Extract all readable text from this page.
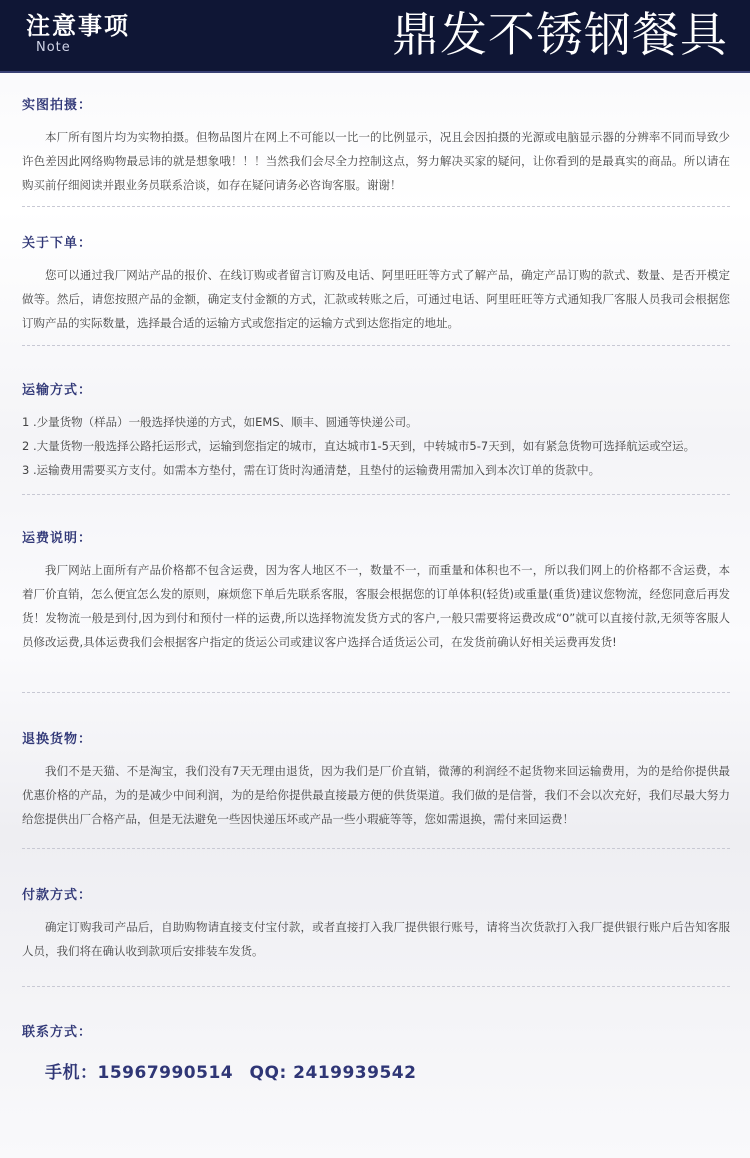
注意事项
Note	鼎发不锈钢餐具
实图拍摄：
本厂所有图片均为实物拍摄。但物品图片在网上不可能以一比一的比例显示，况且会因拍摄的光源或电脑显示器的分辨率不同而导致少许色差因此网络购物最忌讳的就是想象哦！！！当然我们会尽全力控制这点，努力解决买家的疑问，让你看到的是最真实的商品。所以请在购买前仔细阅读并跟业务员联系洽谈，如存在疑问请务必咨询客服。谢谢！
关于下单：
您可以通过我厂网站产品的报价、在线订购或者留言订购及电话、阿里旺旺等方式了解产品，确定产品订购的款式、数量、是否开模定做等。然后，请您按照产品的金额，确定支付金额的方式，汇款或转账之后，可通过电话、阿里旺旺等方式通知我厂客服人员我司会根据您订购产品的实际数量，选择最合适的运输方式或您指定的运输方式到达您指定的地址。
运输方式：
1 .少量货物（样品）一般选择快递的方式，如EMS、顺丰、圆通等快递公司。
2 .大量货物一般选择公路托运形式，运输到您指定的城市，直达城市1-5天到，中转城市5-7天到，如有紧急货物可选择航运或空运。
3 .运输费用需要买方支付。如需本方垫付，需在订货时沟通清楚，且垫付的运输费用需加入到本次订单的货款中。
运费说明：
我厂网站上面所有产品价格都不包含运费，因为客人地区不一，数量不一，而重量和体积也不一，所以我们网上的价格都不含运费，本着厂价直销，怎么便宜怎么发的原则，麻烦您下单后先联系客服，客服会根据您的订单体积(轻货)或重量(重货)建议您物流，经您同意后再发货！发物流一般是到付,因为到付和预付一样的运费,所以选择物流发货方式的客户,一般只需要将运费改成“0”就可以直接付款,无须等客服人员修改运费,具体运费我们会根据客户指定的货运公司或建议客户选择合适货运公司，在发货前确认好相关运费再发货!
退换货物：
我们不是天猫、不是淘宝，我们没有7天无理由退货，因为我们是厂价直销，微薄的利润经不起货物来回运输费用，为的是给你提供最优惠价格的产品，为的是减少中间利润，为的是给你提供最直接最方便的供货渠道。我们做的是信誉，我们不会以次充好，我们尽最大努力给您提供出厂合格产品，但是无法避免一些因快递压坏或产品一些小瑕疵等等，您如需退换，需付来回运费！
付款方式：
确定订购我司产品后，自助购物请直接支付宝付款，或者直接打入我厂提供银行账号，请将当次货款打入我厂提供银行账户后告知客服人员，我们将在确认收到款项后安排装车发货。
联系方式：
手机：15967990514 QQ: 2419939542
